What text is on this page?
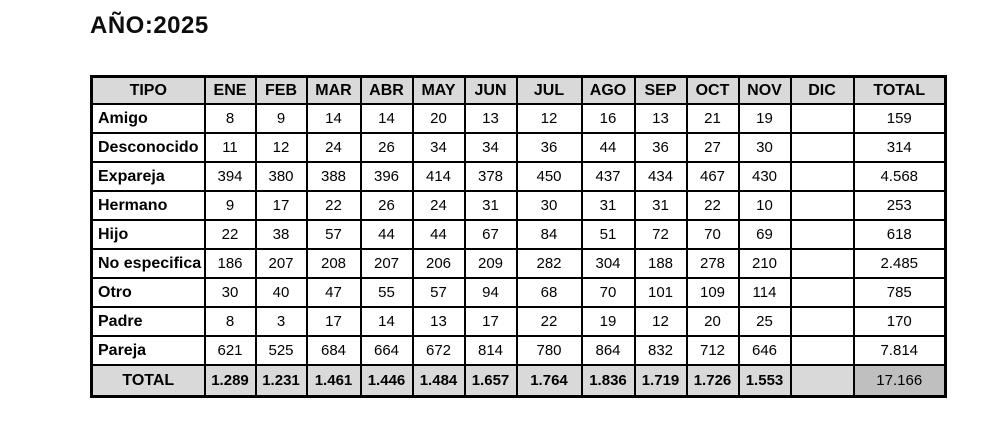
AÑO:2025
TIPO	ENE	FEB	MAR	ABR	MAY	JUN	JUL	AGO	SEP	OCT	NOV	DIC	TOTAL
Amigo	8	9	14	14	20	13	12	16	13	21	19		159
Desconocido	11	12	24	26	34	34	36	44	36	27	30		314
Expareja	394	380	388	396	414	378	450	437	434	467	430		4.568
Hermano	9	17	22	26	24	31	30	31	31	22	10		253
Hijo	22	38	57	44	44	67	84	51	72	70	69		618
No especifica	186	207	208	207	206	209	282	304	188	278	210		2.485
Otro	30	40	47	55	57	94	68	70	101	109	114		785
Padre	8	3	17	14	13	17	22	19	12	20	25		170
Pareja	621	525	684	664	672	814	780	864	832	712	646		7.814
TOTAL	1.289	1.231	1.461	1.446	1.484	1.657	1.764	1.836	1.719	1.726	1.553		17.166
